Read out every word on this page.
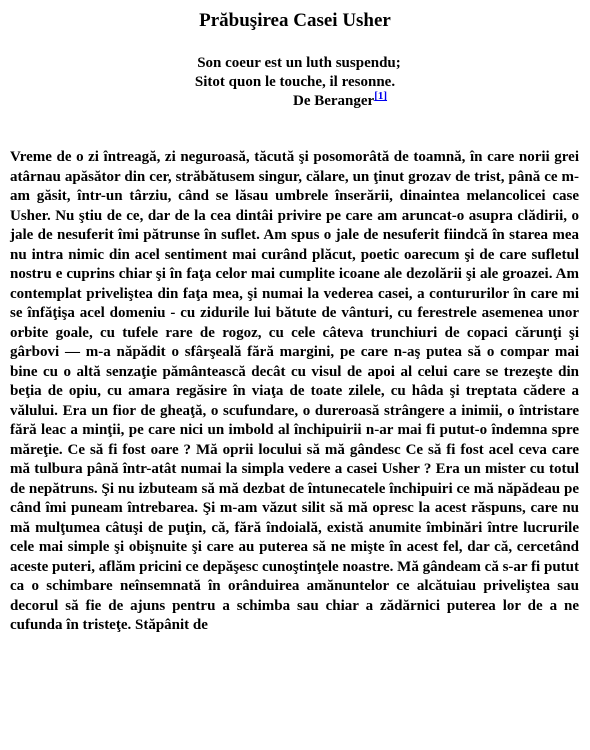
Prăbuşirea Casei Usher
Son coeur est un luth suspendu;
Sitot quon le touche, il resonne.
De Beranger[1]

Vreme de o zi întreagă, zi neguroasă, tăcută şi posomorâtă de toamnă, în care norii grei atârnau apăsător din cer, străbătusem singur, călare, un ţinut grozav de trist, până ce m-am găsit, într-un târziu, când se lăsau umbrele înserării, dinaintea melancolicei case Usher. Nu ştiu de ce, dar de la cea dintâi privire pe care am aruncat-o asupra clădirii, o jale de nesuferit îmi pătrunse în suflet. Am spus o jale de nesuferit fiindcă în starea mea nu intra nimic din acel sentiment mai curând plăcut, poetic oarecum şi de care sufletul nostru e cuprins chiar şi în faţa celor mai cumplite icoane ale dezolării şi ale groazei. Am contemplat priveliştea din faţa mea, şi numai la vederea casei, a contururilor în care mi se înfăţişa acel domeniu - cu zidurile lui bătute de vânturi, cu ferestrele asemenea unor orbite goale, cu tufele rare de rogoz, cu cele câteva trunchiuri de copaci cărunţi şi gârbovi — m-a năpădit o sfârşeală fără margini, pe care n-aş putea să o compar mai bine cu o altă senzaţie pământească decât cu visul de apoi al celui care se trezeşte din beţia de opiu, cu amara regăsire în viaţa de toate zilele, cu hâda şi treptata cădere a vălului. Era un fior de gheaţă, o scufundare, o dureroasă strângere a inimii, o întristare fără leac a minţii, pe care nici un imbold al închipuirii n-ar mai fi putut-o îndemna spre măreţie. Ce să fi fost oare ? Mă oprii locului să mă gândesc Ce să fi fost acel ceva care mă tulbura până într-atât numai la simpla vedere a casei Usher ? Era un mister cu totul de nepătruns. Şi nu izbuteam să mă dezbat de întunecatele închipuiri ce mă năpădeau pe când îmi puneam întrebarea. Şi m-am văzut silit să mă opresc la acest răspuns, care nu mă mulţumea câtuşi de puţin, că, fără îndoială, există anumite îmbinări între lucrurile cele mai simple şi obişnuite şi care au puterea să ne mişte în acest fel, dar că, cercetând aceste puteri, aflăm pricini ce depăşesc cunoştinţele noastre. Mă gândeam că s-ar fi putut ca o schimbare neînsemnată în orânduirea amănuntelor ce alcătuiau priveliştea sau decorul să fie de ajuns pentru a schimba sau chiar a zădărnici puterea lor de a ne cufunda în tristeţe. Stăpânit de
